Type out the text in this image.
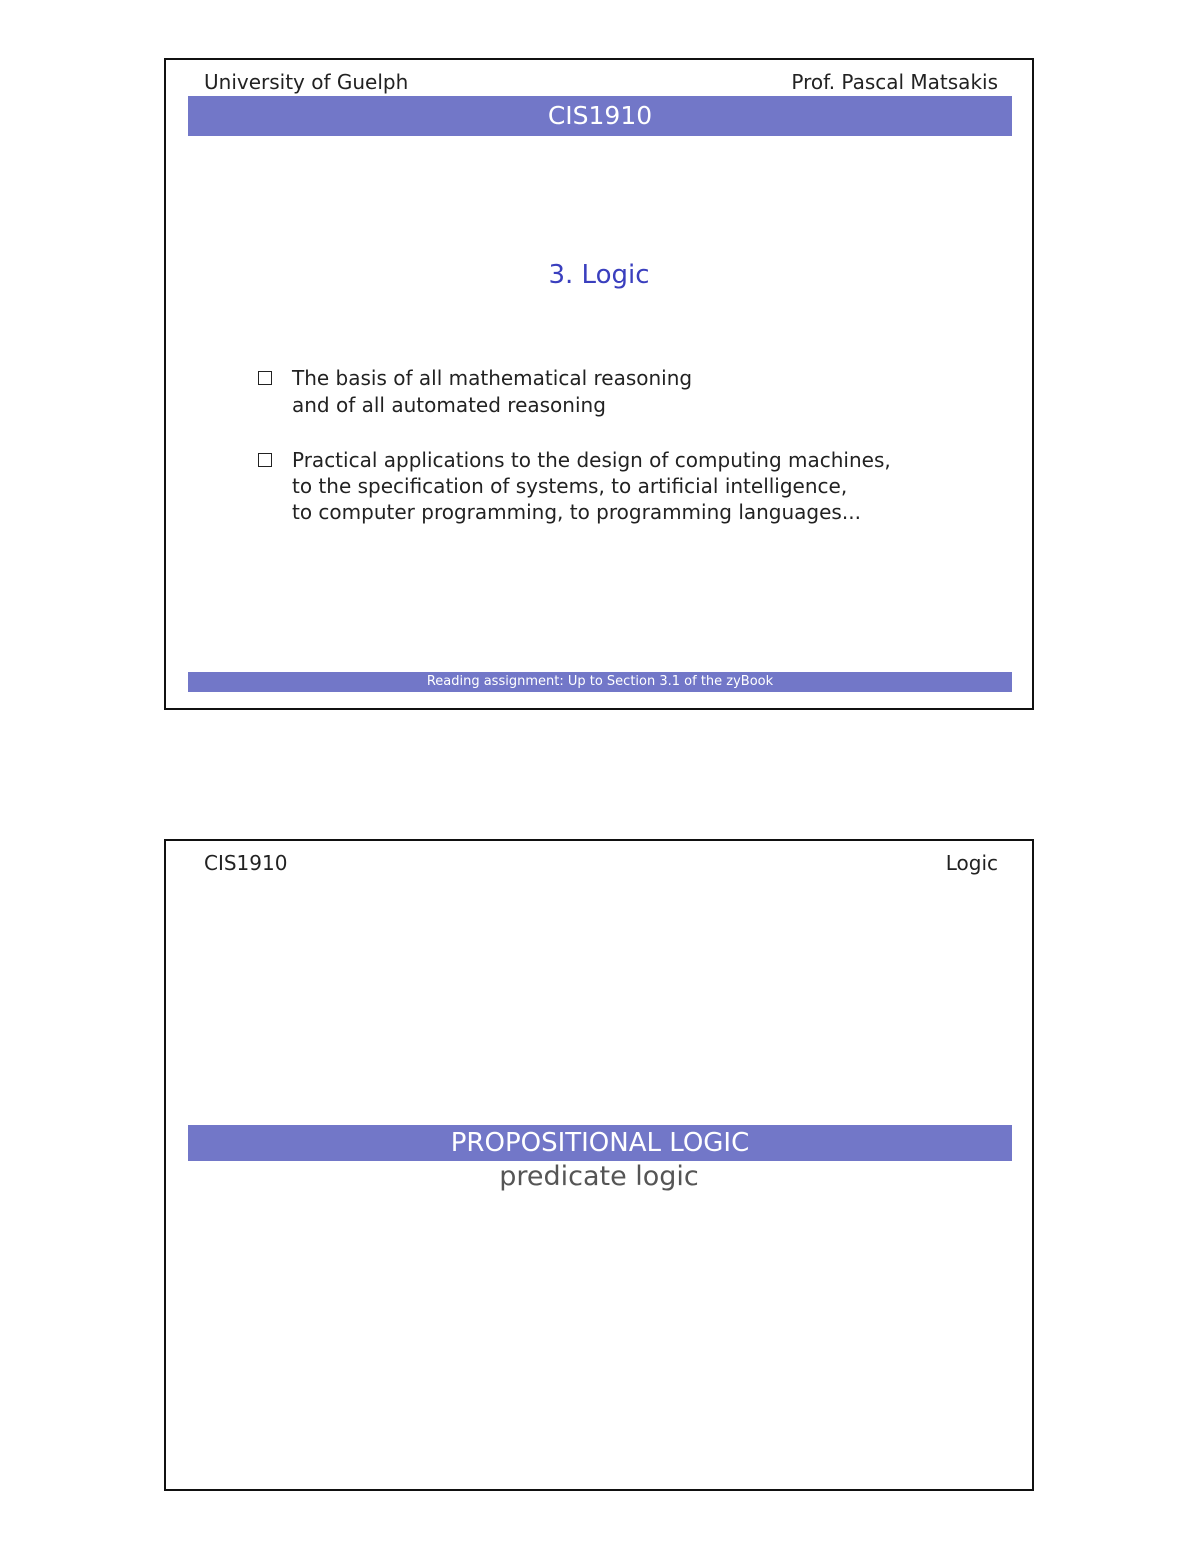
University of Guelph	Prof. Pascal Matsakis
CIS1910
3. Logic
The basis of all mathematical reasoning
and of all automated reasoning
Practical applications to the design of computing machines,
to the specification of systems, to artificial intelligence,
to computer programming, to programming languages...
Reading assignment: Up to Section 3.1 of the zyBook
CIS1910	Logic
PROPOSITIONAL LOGIC
predicate logic
